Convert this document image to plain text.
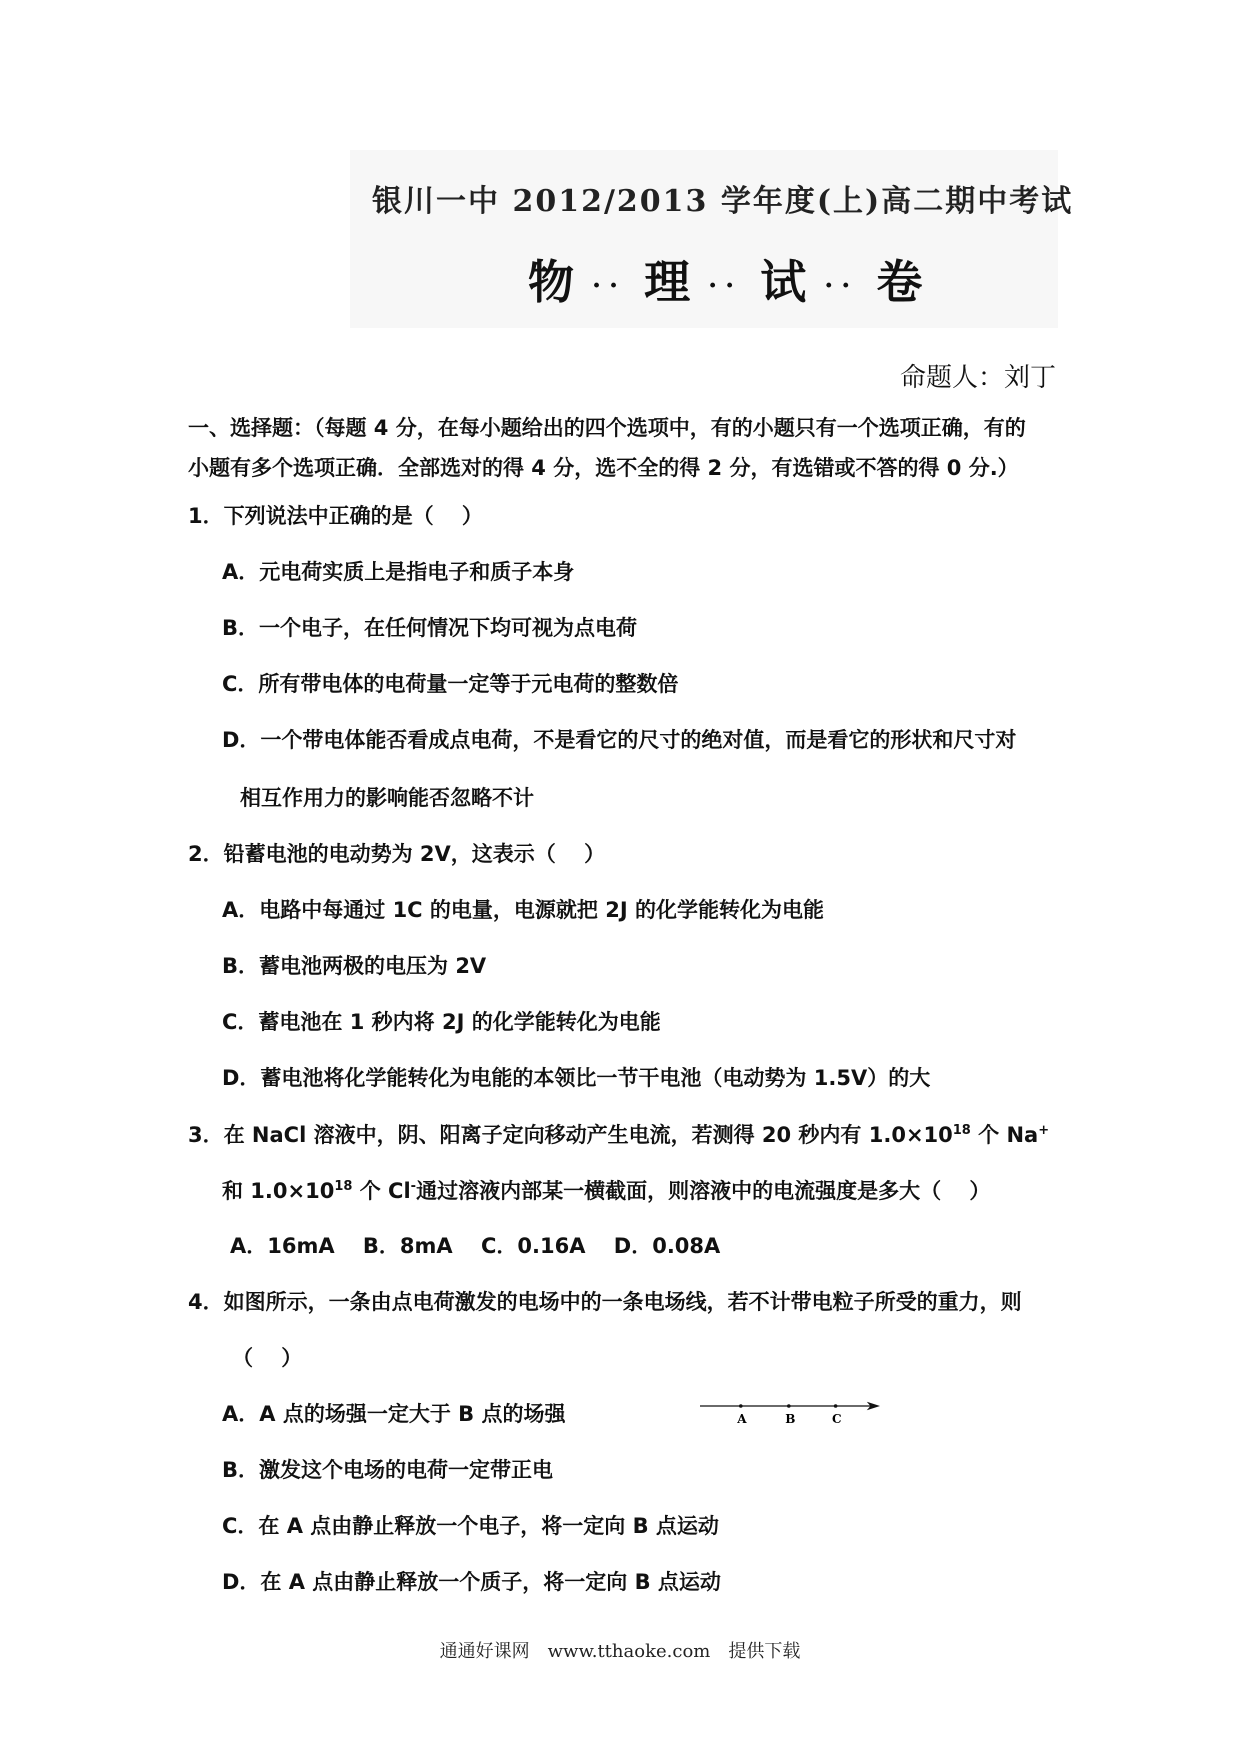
银川一中 2012/2013 学年度(上)高二期中考试
物 ·· 理 ·· 试 ·· 卷
命题人：刘丁
一、选择题：（每题 4 分，在每小题给出的四个选项中，有的小题只有一个选项正确，有的
小题有多个选项正确．全部选对的得 4 分，选不全的得 2 分，有选错或不答的得 0 分.）
1．下列说法中正确的是（　 ）
A．元电荷实质上是指电子和质子本身
B．一个电子，在任何情况下均可视为点电荷
C．所有带电体的电荷量一定等于元电荷的整数倍
D．一个带电体能否看成点电荷，不是看它的尺寸的绝对值，而是看它的形状和尺寸对
相互作用力的影响能否忽略不计
2．铅蓄电池的电动势为 2V，这表示（　 ）
A．电路中每通过 1C 的电量，电源就把 2J 的化学能转化为电能
B．蓄电池两极的电压为 2V
C．蓄电池在 1 秒内将 2J 的化学能转化为电能
D．蓄电池将化学能转化为电能的本领比一节干电池（电动势为 1.5V）的大
3．在 NaCl 溶液中，阴、阳离子定向移动产生电流，若测得 20 秒内有 $1.0\times 10^{18}$ 个 Na+
和 $1.0\times 10^{18}$ 个 Cl-通过溶液内部某一横截面，则溶液中的电流强度是多大（　 ）
A．16mA　 B．8mA　 C．0.16A　 D．0.08A
4．如图所示，一条由点电荷激发的电场中的一条电场线，若不计带电粒子所受的重力，则
（　 ）
A．A 点的场强一定大于 B 点的场强
B．激发这个电场的电荷一定带正电
C．在 A 点由静止释放一个电子，将一定向 B 点运动
D．在 A 点由静止释放一个质子，将一定向 B 点运动
A B C
通通好课网　www.tthaoke.com　提供下载
